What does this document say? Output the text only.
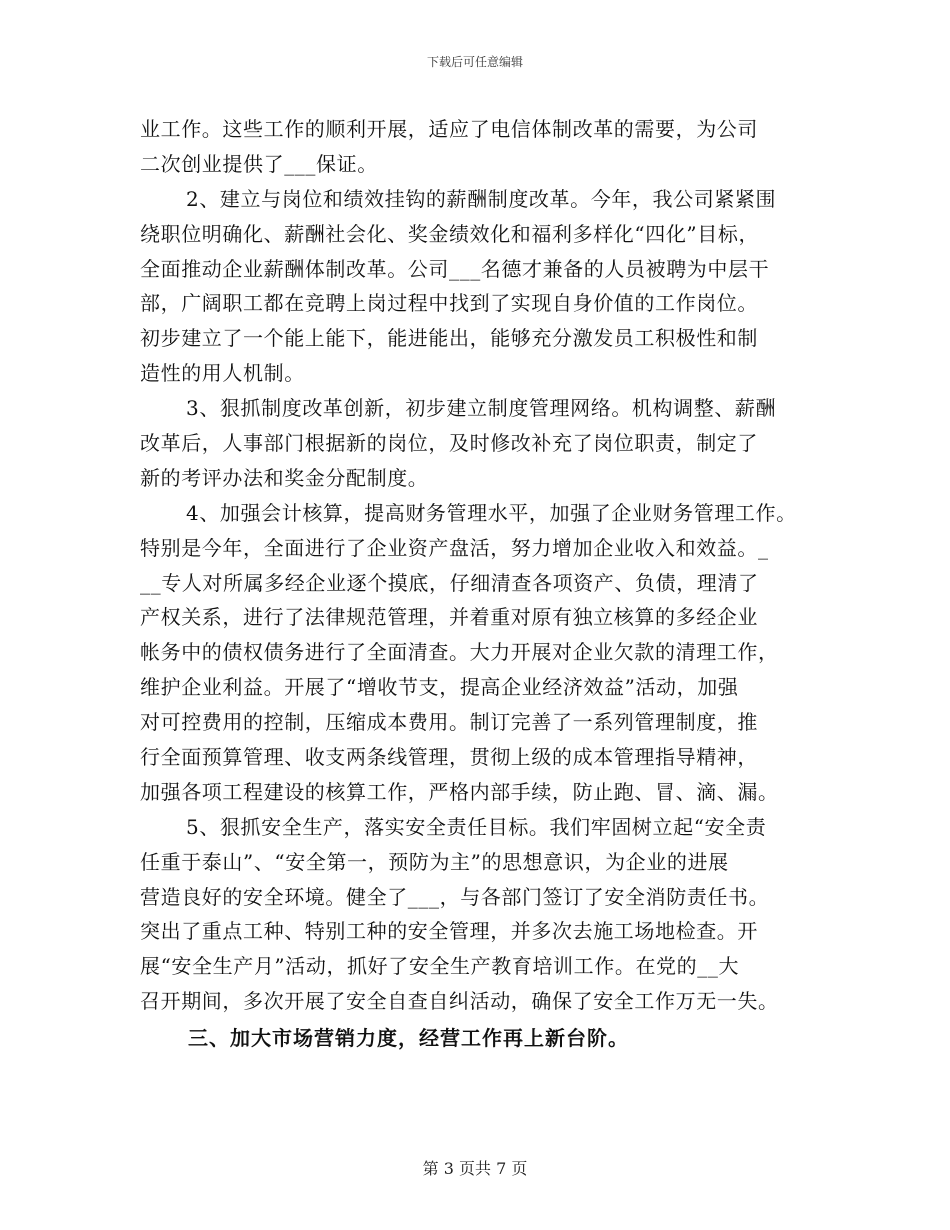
下载后可任意编辑
业工作。这些工作的顺利开展，适应了电信体制改革的需要，为公司
二次创业提供了___保证。
2、建立与岗位和绩效挂钩的薪酬制度改革。今年，我公司紧紧围
绕职位明确化、薪酬社会化、奖金绩效化和福利多样化“四化”目标，
全面推动企业薪酬体制改革。公司___名德才兼备的人员被聘为中层干
部，广阔职工都在竞聘上岗过程中找到了实现自身价值的工作岗位。
初步建立了一个能上能下，能进能出，能够充分激发员工积极性和制
造性的用人机制。
3、狠抓制度改革创新，初步建立制度管理网络。机构调整、薪酬
改革后，人事部门根据新的岗位，及时修改补充了岗位职责，制定了
新的考评办法和奖金分配制度。
4、加强会计核算，提高财务管理水平，加强了企业财务管理工作。
特别是今年，全面进行了企业资产盘活，努力增加企业收入和效益。_
__专人对所属多经企业逐个摸底，仔细清查各项资产、负债，理清了
产权关系，进行了法律规范管理，并着重对原有独立核算的多经企业
帐务中的债权债务进行了全面清查。大力开展对企业欠款的清理工作，
维护企业利益。开展了“增收节支，提高企业经济效益”活动，加强
对可控费用的控制，压缩成本费用。制订完善了一系列管理制度，推
行全面预算管理、收支两条线管理，贯彻上级的成本管理指导精神，
加强各项工程建设的核算工作，严格内部手续，防止跑、冒、滴、漏。
5、狠抓安全生产，落实安全责任目标。我们牢固树立起“安全责
任重于泰山”、“安全第一，预防为主”的思想意识，为企业的进展
营造良好的安全环境。健全了___，与各部门签订了安全消防责任书。
突出了重点工种、特别工种的安全管理，并多次去施工场地检查。开
展“安全生产月”活动，抓好了安全生产教育培训工作。在党的__大
召开期间，多次开展了安全自查自纠活动，确保了安全工作万无一失。
三、加大市场营销力度，经营工作再上新台阶。
第 3 页共 7 页
